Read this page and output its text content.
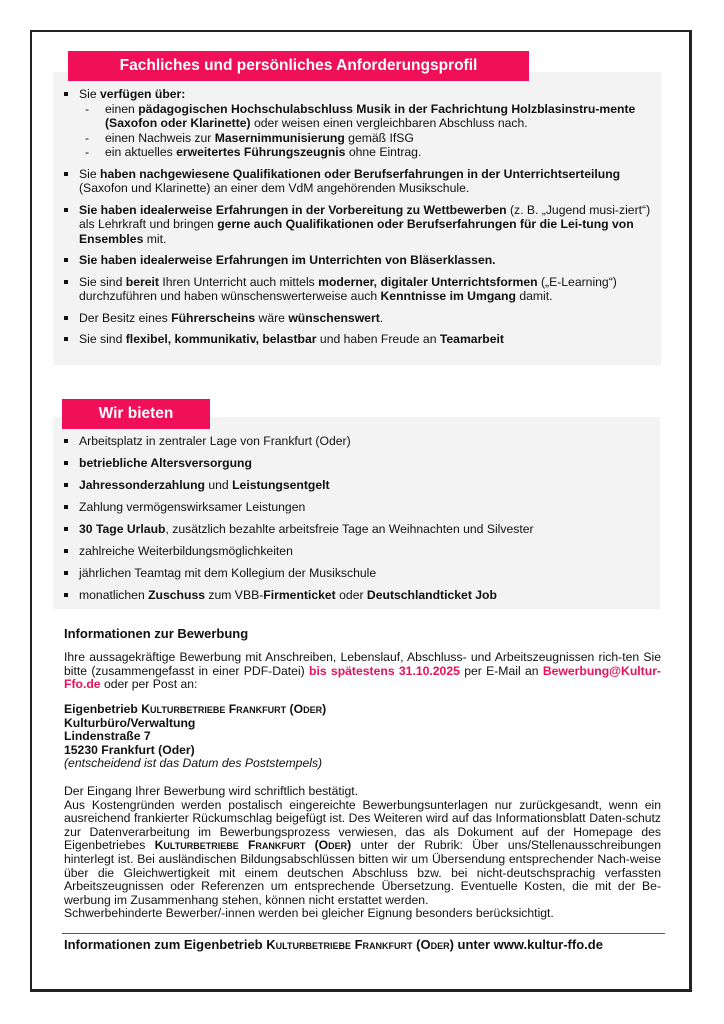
Fachliches und persönliches Anforderungsprofil
Sie verfügen über:
- einen pädagogischen Hochschulabschluss Musik in der Fachrichtung Holzblasinstru-mente (Saxofon oder Klarinette) oder weisen einen vergleichbaren Abschluss nach.
- einen Nachweis zur Masernimmunisierung gemäß IfSG
- ein aktuelles erweitertes Führungszeugnis ohne Eintrag.
Sie haben nachgewiesene Qualifikationen oder Berufserfahrungen in der Unterrichtserteilung (Saxofon und Klarinette) an einer dem VdM angehörenden Musikschule.
Sie haben idealerweise Erfahrungen in der Vorbereitung zu Wettbewerben (z. B. „Jugend musi-ziert“) als Lehrkraft und bringen gerne auch Qualifikationen oder Berufserfahrungen für die Lei-tung von Ensembles mit.
Sie haben idealerweise Erfahrungen im Unterrichten von Bläserklassen.
Sie sind bereit Ihren Unterricht auch mittels moderner, digitaler Unterrichtsformen („E-Learning“) durchzuführen und haben wünschenswerterweise auch Kenntnisse im Umgang damit.
Der Besitz eines Führerscheins wäre wünschenswert.
Sie sind flexibel, kommunikativ, belastbar und haben Freude an Teamarbeit
Wir bieten
Arbeitsplatz in zentraler Lage von Frankfurt (Oder)
betriebliche Altersversorgung
Jahressonderzahlung und Leistungsentgelt
Zahlung vermögenswirksamer Leistungen
30 Tage Urlaub, zusätzlich bezahlte arbeitsfreie Tage an Weihnachten und Silvester
zahlreiche Weiterbildungsmöglichkeiten
jährlichen Teamtag mit dem Kollegium der Musikschule
monatlichen Zuschuss zum VBB-Firmenticket oder Deutschlandticket Job
Informationen zur Bewerbung
Ihre aussagekräftige Bewerbung mit Anschreiben, Lebenslauf, Abschluss- und Arbeitszeugnissen rich-ten Sie bitte (zusammengefasst in einer PDF-Datei) bis spätestens 31.10.2025 per E-Mail an Bewerbung@Kultur-Ffo.de oder per Post an:
Eigenbetrieb Kulturbetriebe Frankfurt (Oder)
Kulturbüro/Verwaltung
Lindenstraße 7
15230 Frankfurt (Oder)
(entscheidend ist das Datum des Poststempels)
Der Eingang Ihrer Bewerbung wird schriftlich bestätigt.
Aus Kostengründen werden postalisch eingereichte Bewerbungsunterlagen nur zurückgesandt, wenn ein ausreichend frankierter Rückumschlag beigefügt ist. Des Weiteren wird auf das Informationsblatt Daten-schutz zur Datenverarbeitung im Bewerbungsprozess verwiesen, das als Dokument auf der Homepage des Eigenbetriebes Kulturbetriebe Frankfurt (Oder) unter der Rubrik: Über uns/Stellenausschreibungen hinterlegt ist. Bei ausländischen Bildungsabschlüssen bitten wir um Übersendung entsprechender Nach-weise über die Gleichwertigkeit mit einem deutschen Abschluss bzw. bei nicht-deutschsprachig verfassten Arbeitszeugnissen oder Referenzen um entsprechende Übersetzung. Eventuelle Kosten, die mit der Be-werbung im Zusammenhang stehen, können nicht erstattet werden.
Schwerbehinderte Bewerber/-innen werden bei gleicher Eignung besonders berücksichtigt.
Informationen zum Eigenbetrieb Kulturbetriebe Frankfurt (Oder) unter www.kultur-ffo.de
